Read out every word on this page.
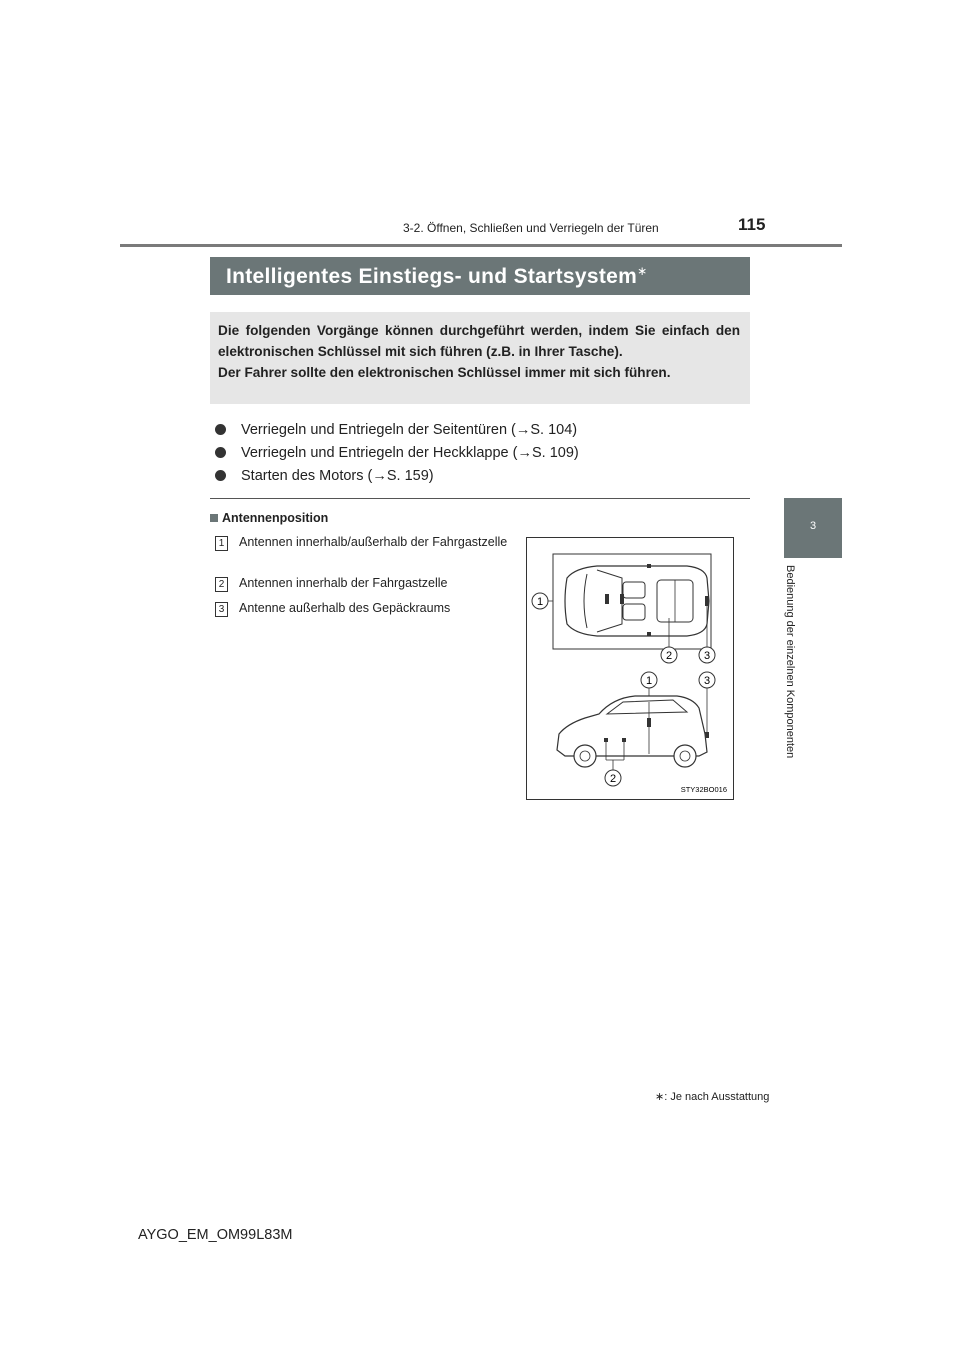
3-2. Öffnen, Schließen und Verriegeln der Türen	115
3
Bedienung der einzelnen Komponenten
Intelligentes Einstiegs- und Startsystem∗
Die folgenden Vorgänge können durchgeführt werden, indem Sie einfach den elektronischen Schlüssel mit sich führen (z.B. in Ihrer Tasche).
Der Fahrer sollte den elektronischen Schlüssel immer mit sich führen.
Verriegeln und Entriegeln der Seitentüren (→S. 104)
Verriegeln und Entriegeln der Heckklappe (→S. 109)
Starten des Motors (→S. 159)
Antennenposition
1 Antennen innerhalb/außerhalb der Fahrgastzelle
2 Antennen innerhalb der Fahrgastzelle
3 Antenne außerhalb des Gepäckraums	1
2	3
1	3
2
STY32BO016
∗: Je nach Ausstattung
AYGO_EM_OM99L83M
